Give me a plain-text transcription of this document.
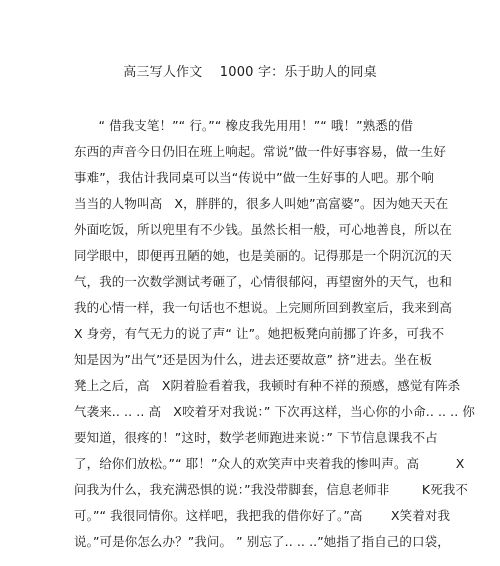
高三写人作文    1000 字：乐于助人的同桌
“ 借我支笔！”“ 行。”“ 橡皮我先用用！”“ 哦！”熟悉的借
东西的声音今日仍旧在班上响起。常说”做一件好事容易，做一生好
事难”，我估计我同桌可以当“传说中”做一生好事的人吧。那个响
当当的人物叫高   X，胖胖的，很多人叫她”高富婆”。因为她天天在
外面吃饭，所以兜里有不少钱。虽然长相一般，可心地善良，所以在
同学眼中，即便再丑陋的她，也是美丽的。记得那是一个阴沉沉的天
气，我的一次数学测试考砸了，心情很郁闷，再望窗外的天气，也和
我的心情一样，我一句话也不想说。上完厕所回到教室后，我来到高
X 身旁，有气无力的说了声“ 让”。她把板凳向前挪了许多，可我不
知是因为”出气”还是因为什么，进去还要故意” 挤”进去。坐在板
凳上之后，高   X阴着脸看着我，我顿时有种不祥的预感，感觉有阵杀
气袭来.. .. .. 高   X咬着牙对我说：” 下次再这样，当心你的小命.. .. .. 你
要知道，很疼的！”这时，数学老师跑进来说：” 下节信息课我不占
了，给你们放松。”“ 耶！”众人的欢笑声中夹着我的惨叫声。高         X
问我为什么，我充满恐惧的说：”我没带脚套，信息老师非        K死我不
可。”“ 我很同情你。这样吧，我把我的借你好了。”高       X笑着对我
说。”可是你怎么办？”我问。 ” 别忘了.. .. ..”她指了指自己的口袋，
